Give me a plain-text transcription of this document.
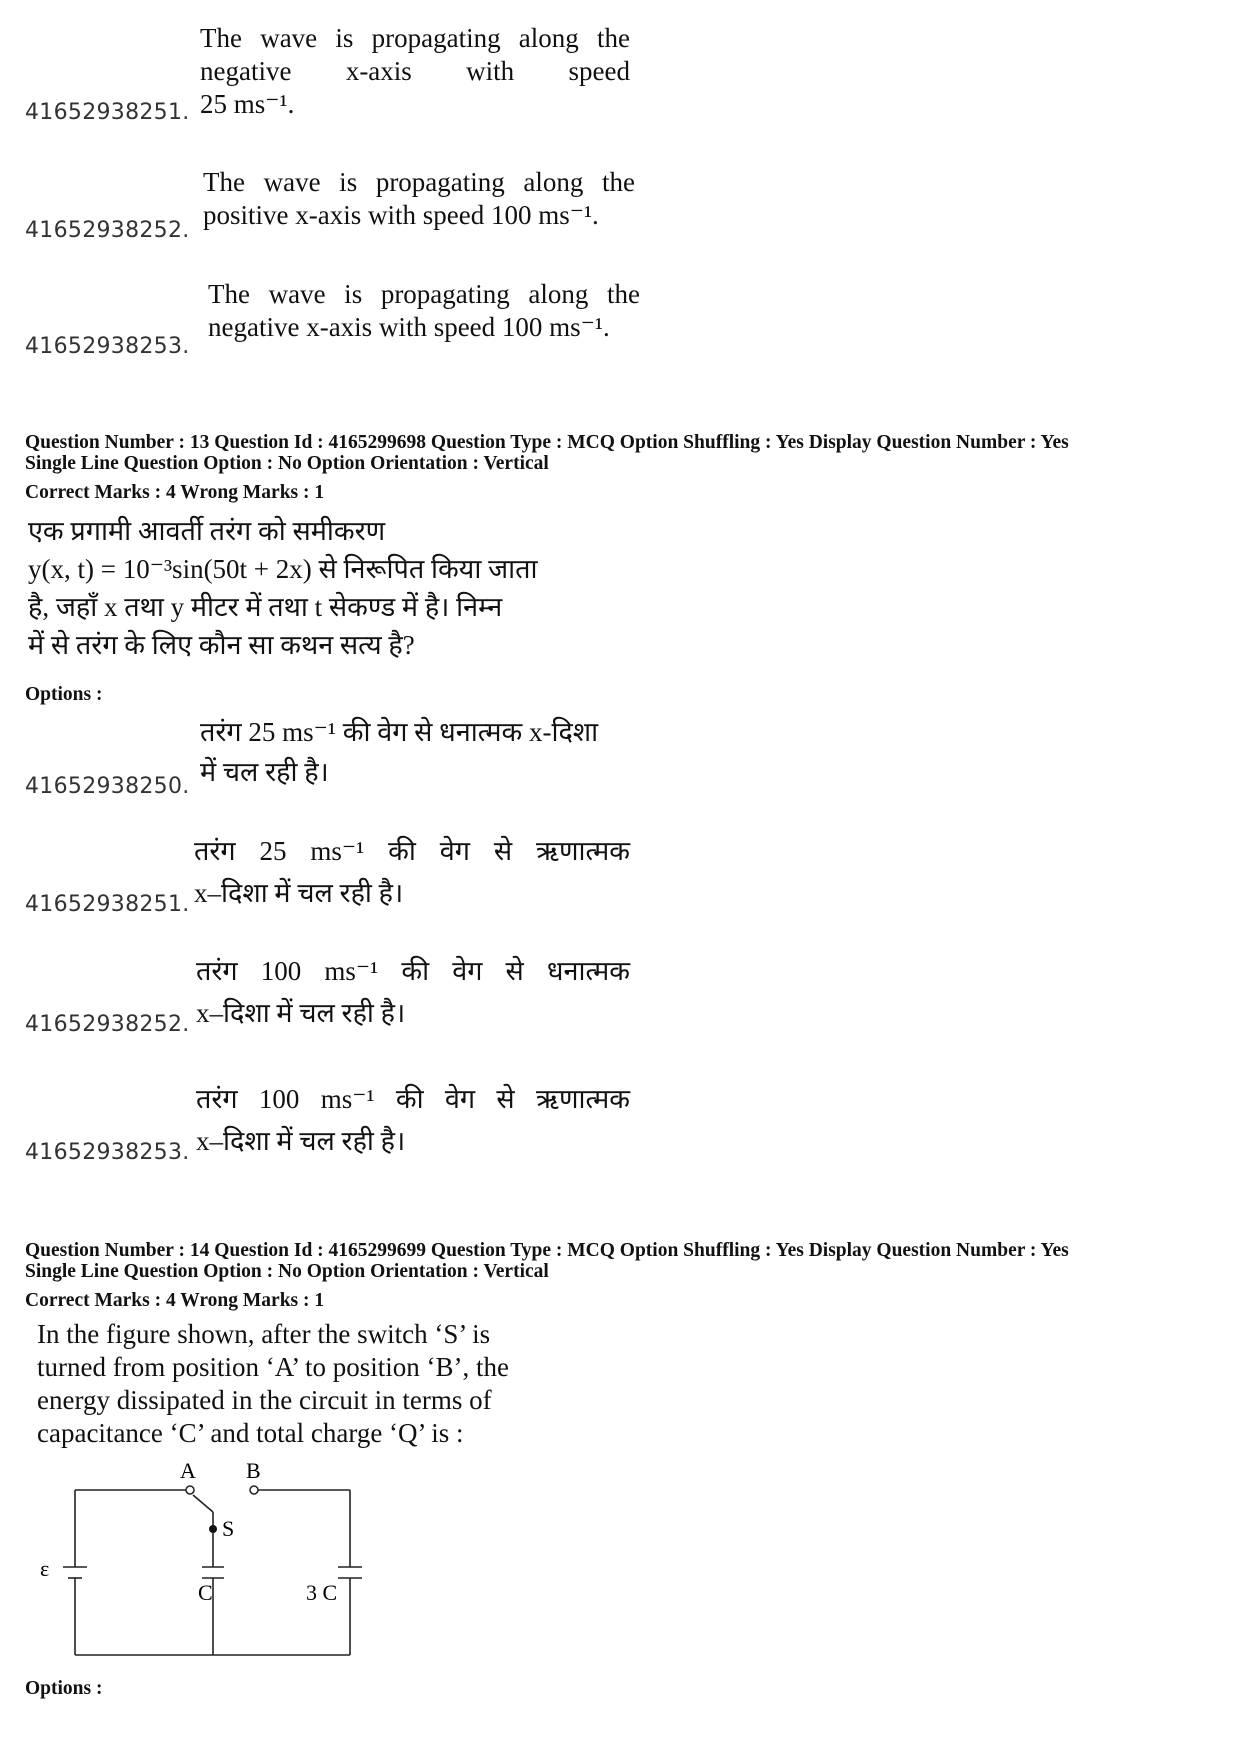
41652938251.
The wave is propagating along the
negative x-axis with speed
25 ms⁻¹.
41652938252.
The wave is propagating along the
positive x-axis with speed 100 ms⁻¹.
41652938253.
The wave is propagating along the
negative x-axis with speed 100 ms⁻¹.
Question Number : 13 Question Id : 4165299698 Question Type : MCQ Option Shuffling : Yes Display Question Number : Yes
Single Line Question Option : No Option Orientation : Vertical
Correct Marks : 4 Wrong Marks : 1
एक प्रगामी आवर्ती तरंग को समीकरण
y(x, t) = 10⁻³sin(50t + 2x) से निरूपित किया जाता
है, जहाँ x तथा y मीटर में तथा t सेकण्ड में है। निम्न
में से तरंग के लिए कौन सा कथन सत्य है?
Options :
41652938250.
तरंग 25 ms⁻¹ की वेग से धनात्मक x-दिशा
में चल रही है।
41652938251.
तरंग 25 ms⁻¹ की वेग से ऋणात्मक
x–दिशा में चल रही है।
41652938252.
तरंग 100 ms⁻¹ की वेग से धनात्मक
x–दिशा में चल रही है।
41652938253.
तरंग 100 ms⁻¹ की वेग से ऋणात्मक
x–दिशा में चल रही है।
Question Number : 14 Question Id : 4165299699 Question Type : MCQ Option Shuffling : Yes Display Question Number : Yes
Single Line Question Option : No Option Orientation : Vertical
Correct Marks : 4 Wrong Marks : 1
In the figure shown, after the switch ‘S’ is
turned from position ‘A’ to position ‘B’, the
energy dissipated in the circuit in terms of
capacitance ‘C’ and total charge ‘Q’ is :
A B
S
ε
C	3 C
Options :
